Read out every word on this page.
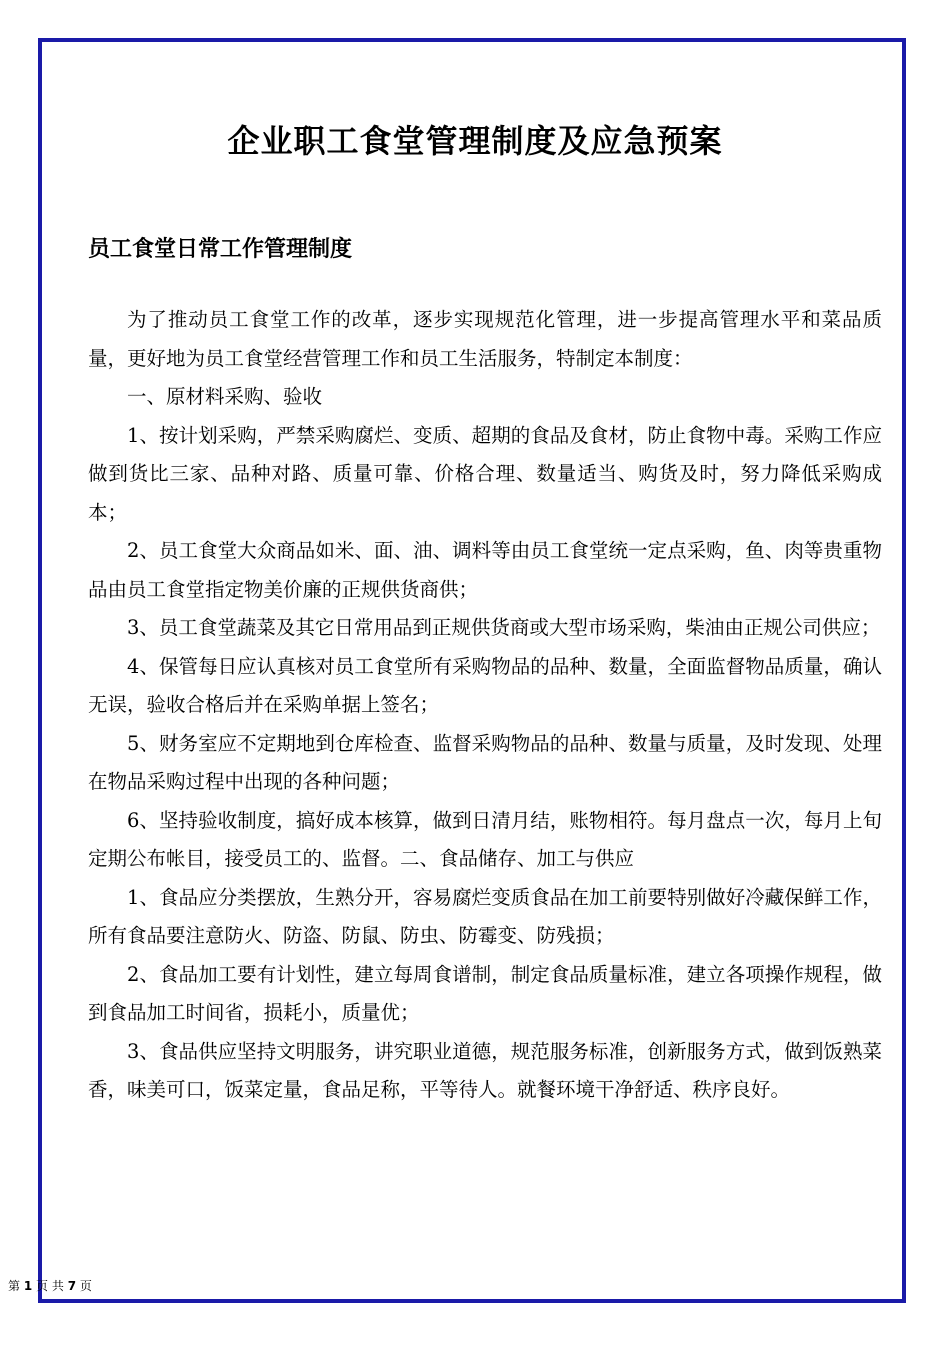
企业职工食堂管理制度及应急预案
员工食堂日常工作管理制度

为了推动员工食堂工作的改革，逐步实现规范化管理，进一步提高管理水平和菜品质量，更好地为员工食堂经营管理工作和员工生活服务，特制定本制度：

一、原材料采购、验收

1、按计划采购，严禁采购腐烂、变质、超期的食品及食材，防止食物中毒。采购工作应做到货比三家、品种对路、质量可靠、价格合理、数量适当、购货及时，努力降低采购成本；

2、员工食堂大众商品如米、面、油、调料等由员工食堂统一定点采购，鱼、肉等贵重物品由员工食堂指定物美价廉的正规供货商供；

3、员工食堂蔬菜及其它日常用品到正规供货商或大型市场采购，柴油由正规公司供应；

4、保管每日应认真核对员工食堂所有采购物品的品种、数量，全面监督物品质量，确认无误，验收合格后并在采购单据上签名；

5、财务室应不定期地到仓库检查、监督采购物品的品种、数量与质量，及时发现、处理在物品采购过程中出现的各种问题；

6、坚持验收制度，搞好成本核算，做到日清月结，账物相符。每月盘点一次，每月上旬定期公布帐目，接受员工的、监督。二、食品储存、加工与供应

1、食品应分类摆放，生熟分开，容易腐烂变质食品在加工前要特别做好冷藏保鲜工作，所有食品要注意防火、防盗、防鼠、防虫、防霉变、防残损；

2、食品加工要有计划性，建立每周食谱制，制定食品质量标准，建立各项操作规程，做到食品加工时间省，损耗小，质量优；

3、食品供应坚持文明服务，讲究职业道德，规范服务标准，创新服务方式，做到饭熟菜香，味美可口，饭菜定量，食品足称，平等待人。就餐环境干净舒适、秩序良好。

第 1 页 共 7 页
